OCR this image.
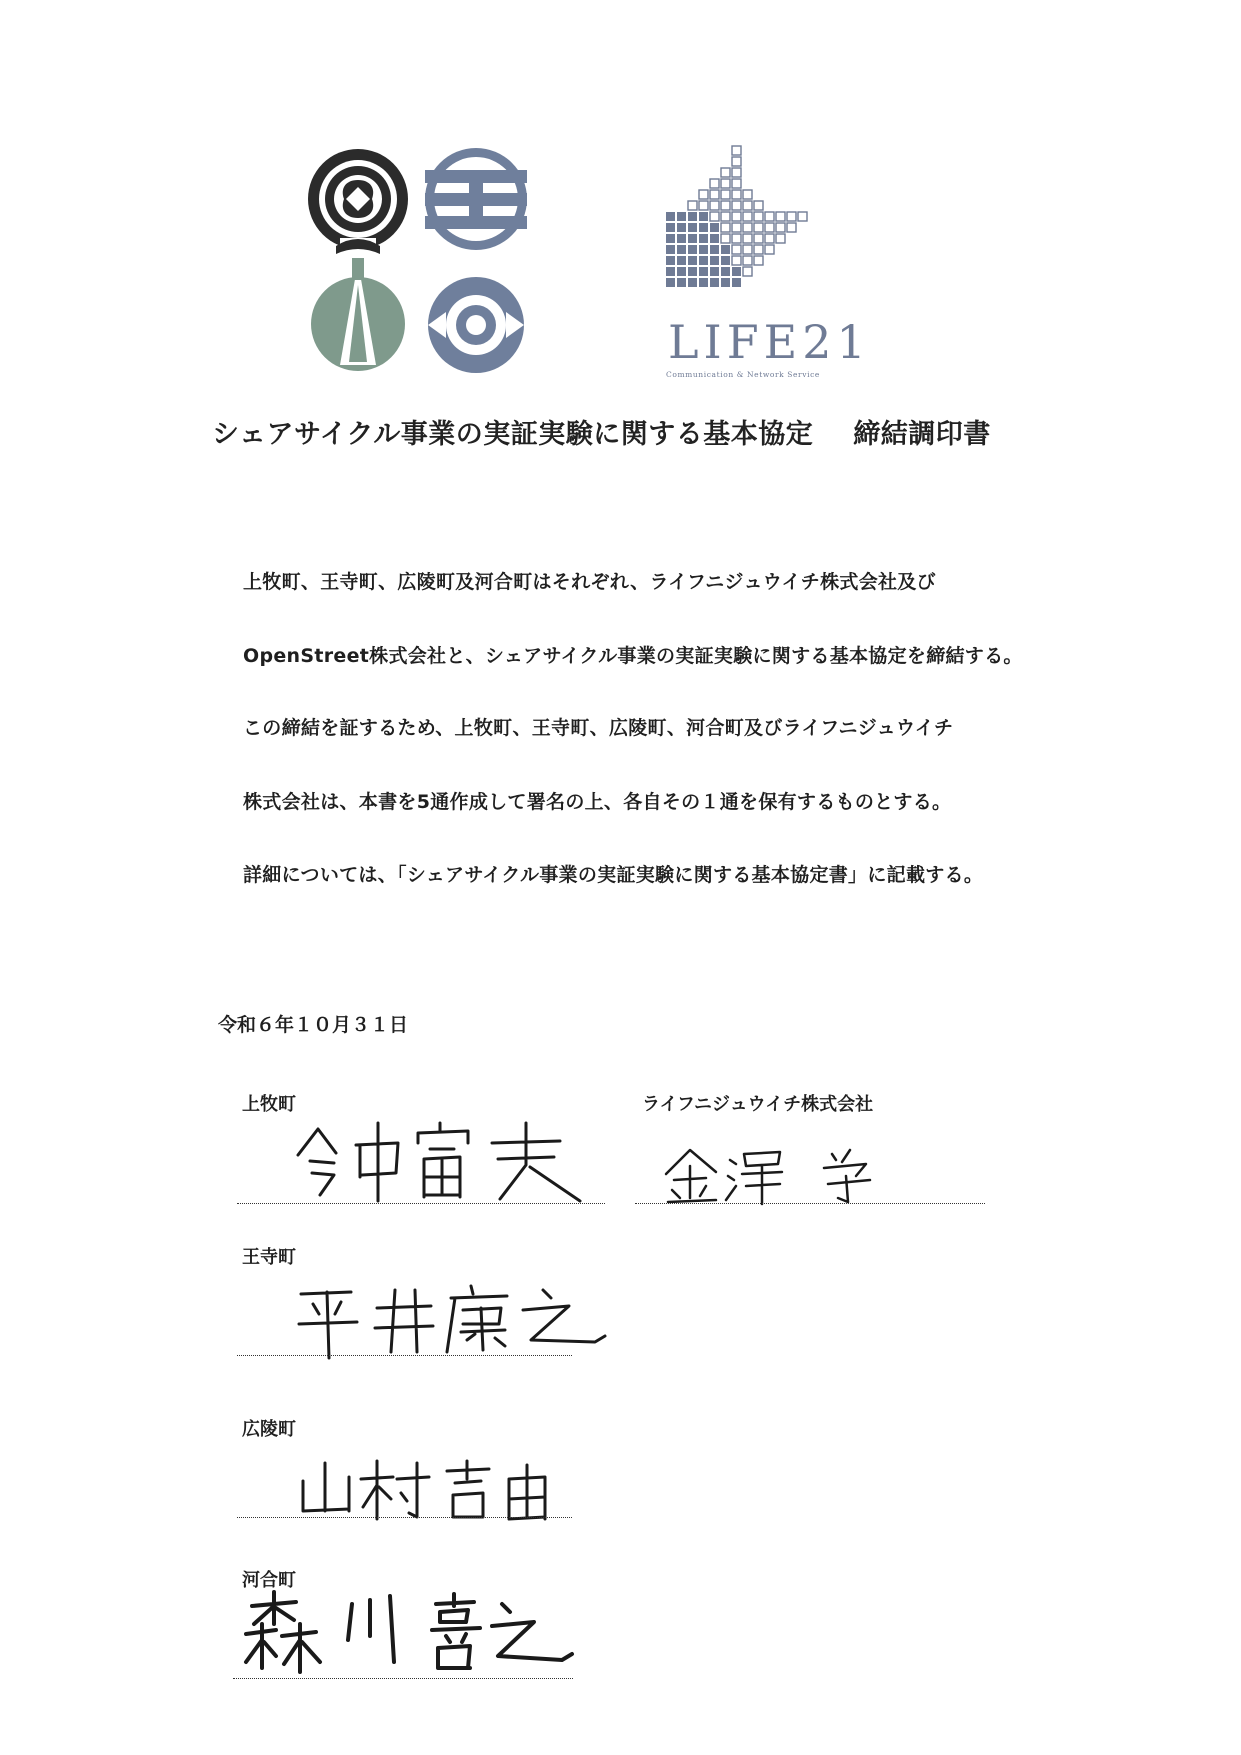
LIFE21
Communication & Network Service
シェアサイクル事業の実証実験に関する基本協定 締結調印書
上牧町、王寺町、広陵町及河合町はそれぞれ、ライフニジュウイチ株式会社及び
OpenStreet株式会社と、シェアサイクル事業の実証実験に関する基本協定を締結する。
この締結を証するため、上牧町、王寺町、広陵町、河合町及びライフニジュウイチ
株式会社は、本書を5通作成して署名の上、各自その１通を保有するものとする。
詳細については、「シェアサイクル事業の実証実験に関する基本協定書」に記載する。
令和６年１０月３１日
上牧町	ライフニジュウイチ株式会社
王寺町
広陵町
河合町
